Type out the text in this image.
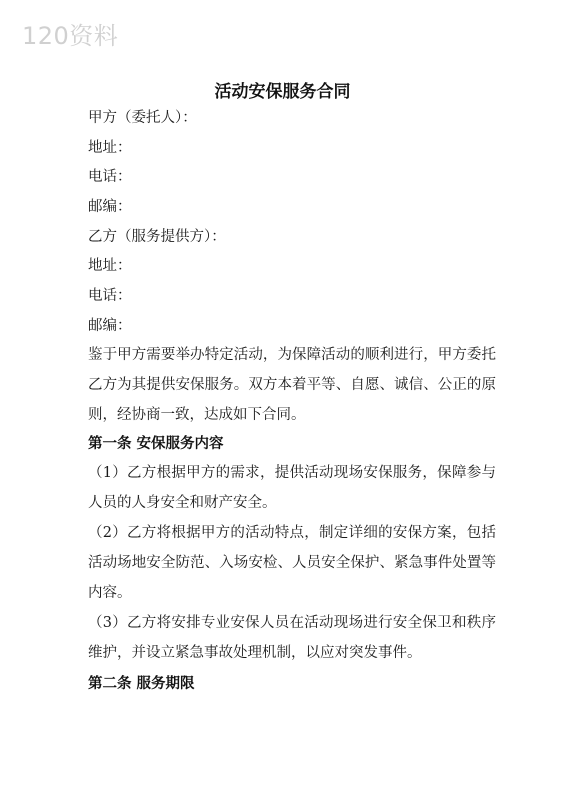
120资料
活动安保服务合同
甲方（委托人）：
地址：
电话：
邮编：
乙方（服务提供方）：
地址：
电话：
邮编：
鉴于甲方需要举办特定活动，为保障活动的顺利进行，甲方委托乙方为其提供安保服务。双方本着平等、自愿、诚信、公正的原则，经协商一致，达成如下合同。
第一条 安保服务内容
（1）乙方根据甲方的需求，提供活动现场安保服务，保障参与人员的人身安全和财产安全。
（2）乙方将根据甲方的活动特点，制定详细的安保方案，包括活动场地安全防范、入场安检、人员安全保护、紧急事件处置等内容。
（3）乙方将安排专业安保人员在活动现场进行安全保卫和秩序维护，并设立紧急事故处理机制，以应对突发事件。
第二条 服务期限
